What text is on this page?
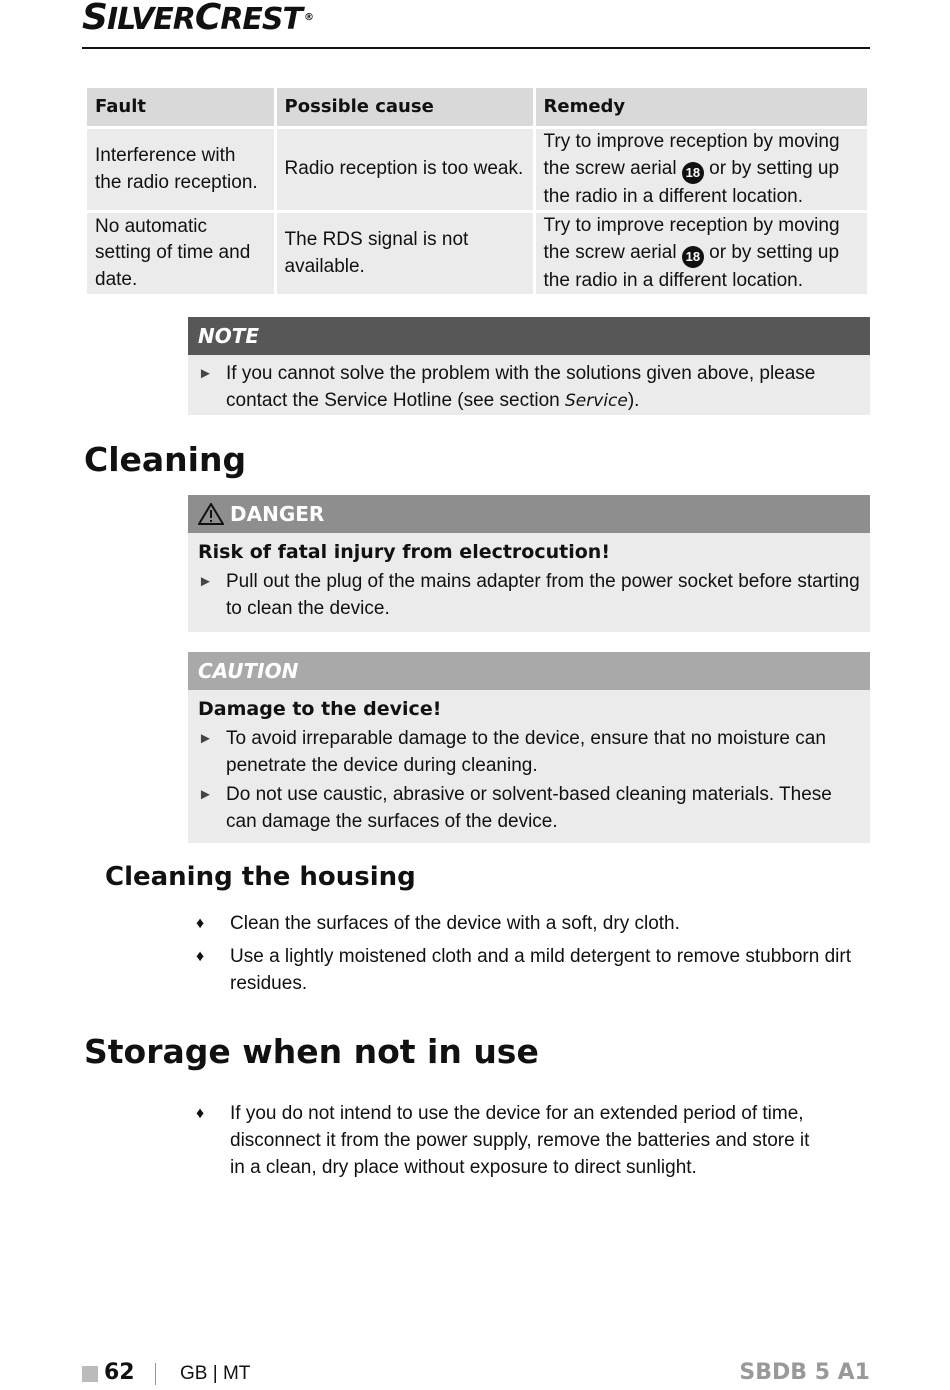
SILVERCREST ®
Fault	Possible cause	Remedy
Interference with the radio reception.	Radio reception is too weak.	Try to improve reception by moving the screw aerial 18 or by setting up the radio in a different location.
No automatic setting of time and date.	The RDS signal is not available.	Try to improve reception by moving the screw aerial 18 or by setting up the radio in a different location.
NOTE
► If you cannot solve the problem with the solutions given above, please contact the Service Hotline (see section Service).
Cleaning
DANGER
Risk of fatal injury from electrocution!
► Pull out the plug of the mains adapter from the power socket before starting to clean the device.
CAUTION
Damage to the device!
► To avoid irreparable damage to the device, ensure that no moisture can penetrate the device during cleaning.
► Do not use caustic, abrasive or solvent-based cleaning materials. These can damage the surfaces of the device.
Cleaning the housing
♦ Clean the surfaces of the device with a soft, dry cloth.
♦ Use a lightly moistened cloth and a mild detergent to remove stubborn dirt residues.
Storage when not in use
♦ If you do not intend to use the device for an extended period of time, disconnect it from the power supply, remove the batteries and store it in a clean, dry place without exposure to direct sunlight.
62 GB | MT	SBDB 5 A1
